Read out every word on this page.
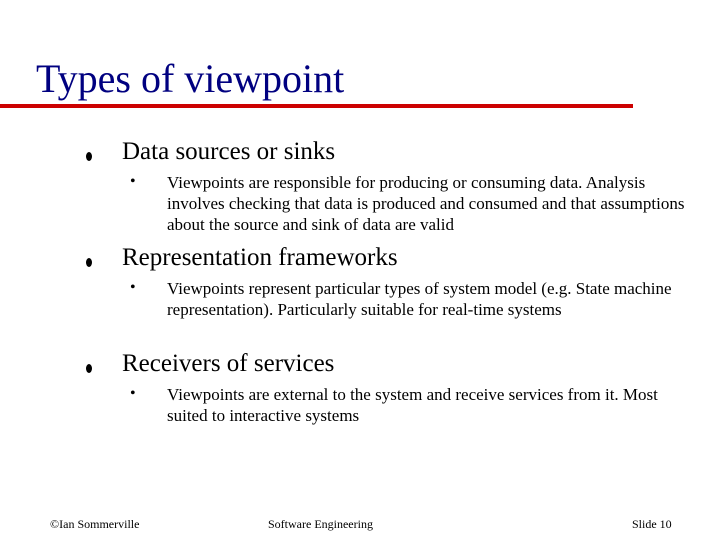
Types of viewpoint
Data sources or sinks
• Viewpoints are responsible for producing or consuming data. Analysis involves checking that data is produced and consumed and that assumptions about the source and sink of data are valid
Representation frameworks
• Viewpoints represent particular types of system model (e.g. State machine representation). Particularly suitable for real-time systems
Receivers of services
• Viewpoints are external to the system and receive services from it. Most suited to interactive systems
©Ian Sommerville	Software Engineering	Slide 10
